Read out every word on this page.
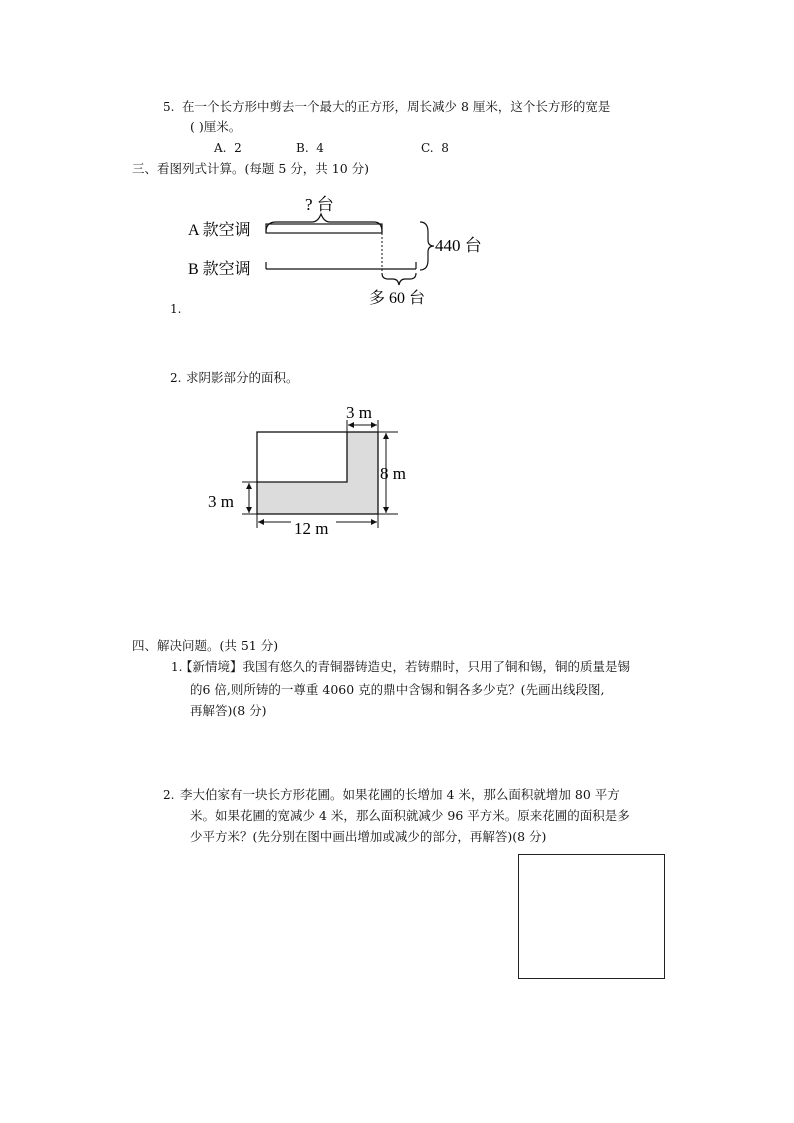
5. 在一个长方形中剪去一个最大的正方形，周长减少 8 厘米，这个长方形的宽是
( )厘米。
A. 2	B. 4	C. 8
三、看图列式计算。(每题 5 分，共 10 分)
? 台
A 款空调
B 款空调
440 台
多 60 台
1.
2. 求阴影部分的面积。
3 m
8 m
3 m
12 m
四、解决问题。(共 51 分)
1.
【新情境】我国有悠久的青铜器铸造史，若铸鼎时，只用了铜和锡，铜的质量是锡
的6 倍,则所铸的一尊重 4060 克的鼎中含锡和铜各多少克？(先画出线段图,
再解答)(8 分)
2. 李大伯家有一块长方形花圃。如果花圃的长增加 4 米，那么面积就增加 80 平方
米。如果花圃的宽减少 4 米，那么面积就减少 96 平方米。原来花圃的面积是多
少平方米？(先分别在图中画出增加或减少的部分，再解答)(8 分)
